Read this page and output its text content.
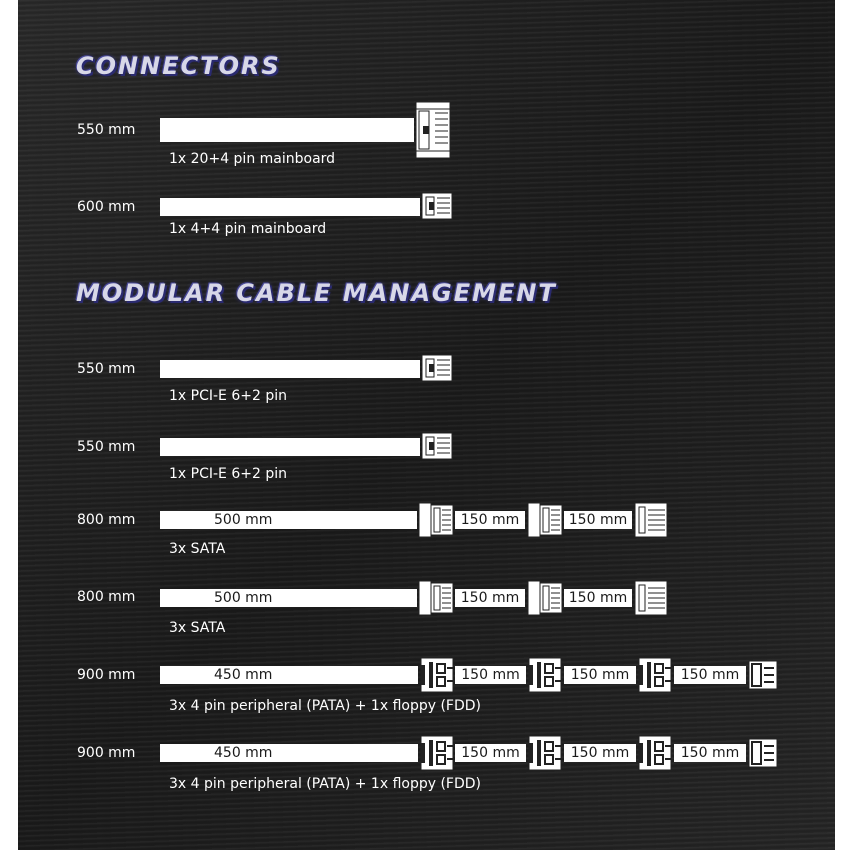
CONNECTORS
MODULAR CABLE MANAGEMENT
550 mm
1x 20+4 pin mainboard
600 mm
1x 4+4 pin mainboard
550 mm
1x PCI-E 6+2 pin
550 mm
1x PCI-E 6+2 pin
800 mm	500 mm	150 mm	150 mm
3x SATA
800 mm	500 mm	150 mm	150 mm
3x SATA
900 mm	450 mm	150 mm	150 mm	150 mm
3x 4 pin peripheral (PATA) + 1x floppy (FDD)
900 mm	450 mm	150 mm	150 mm	150 mm
3x 4 pin peripheral (PATA) + 1x floppy (FDD)
